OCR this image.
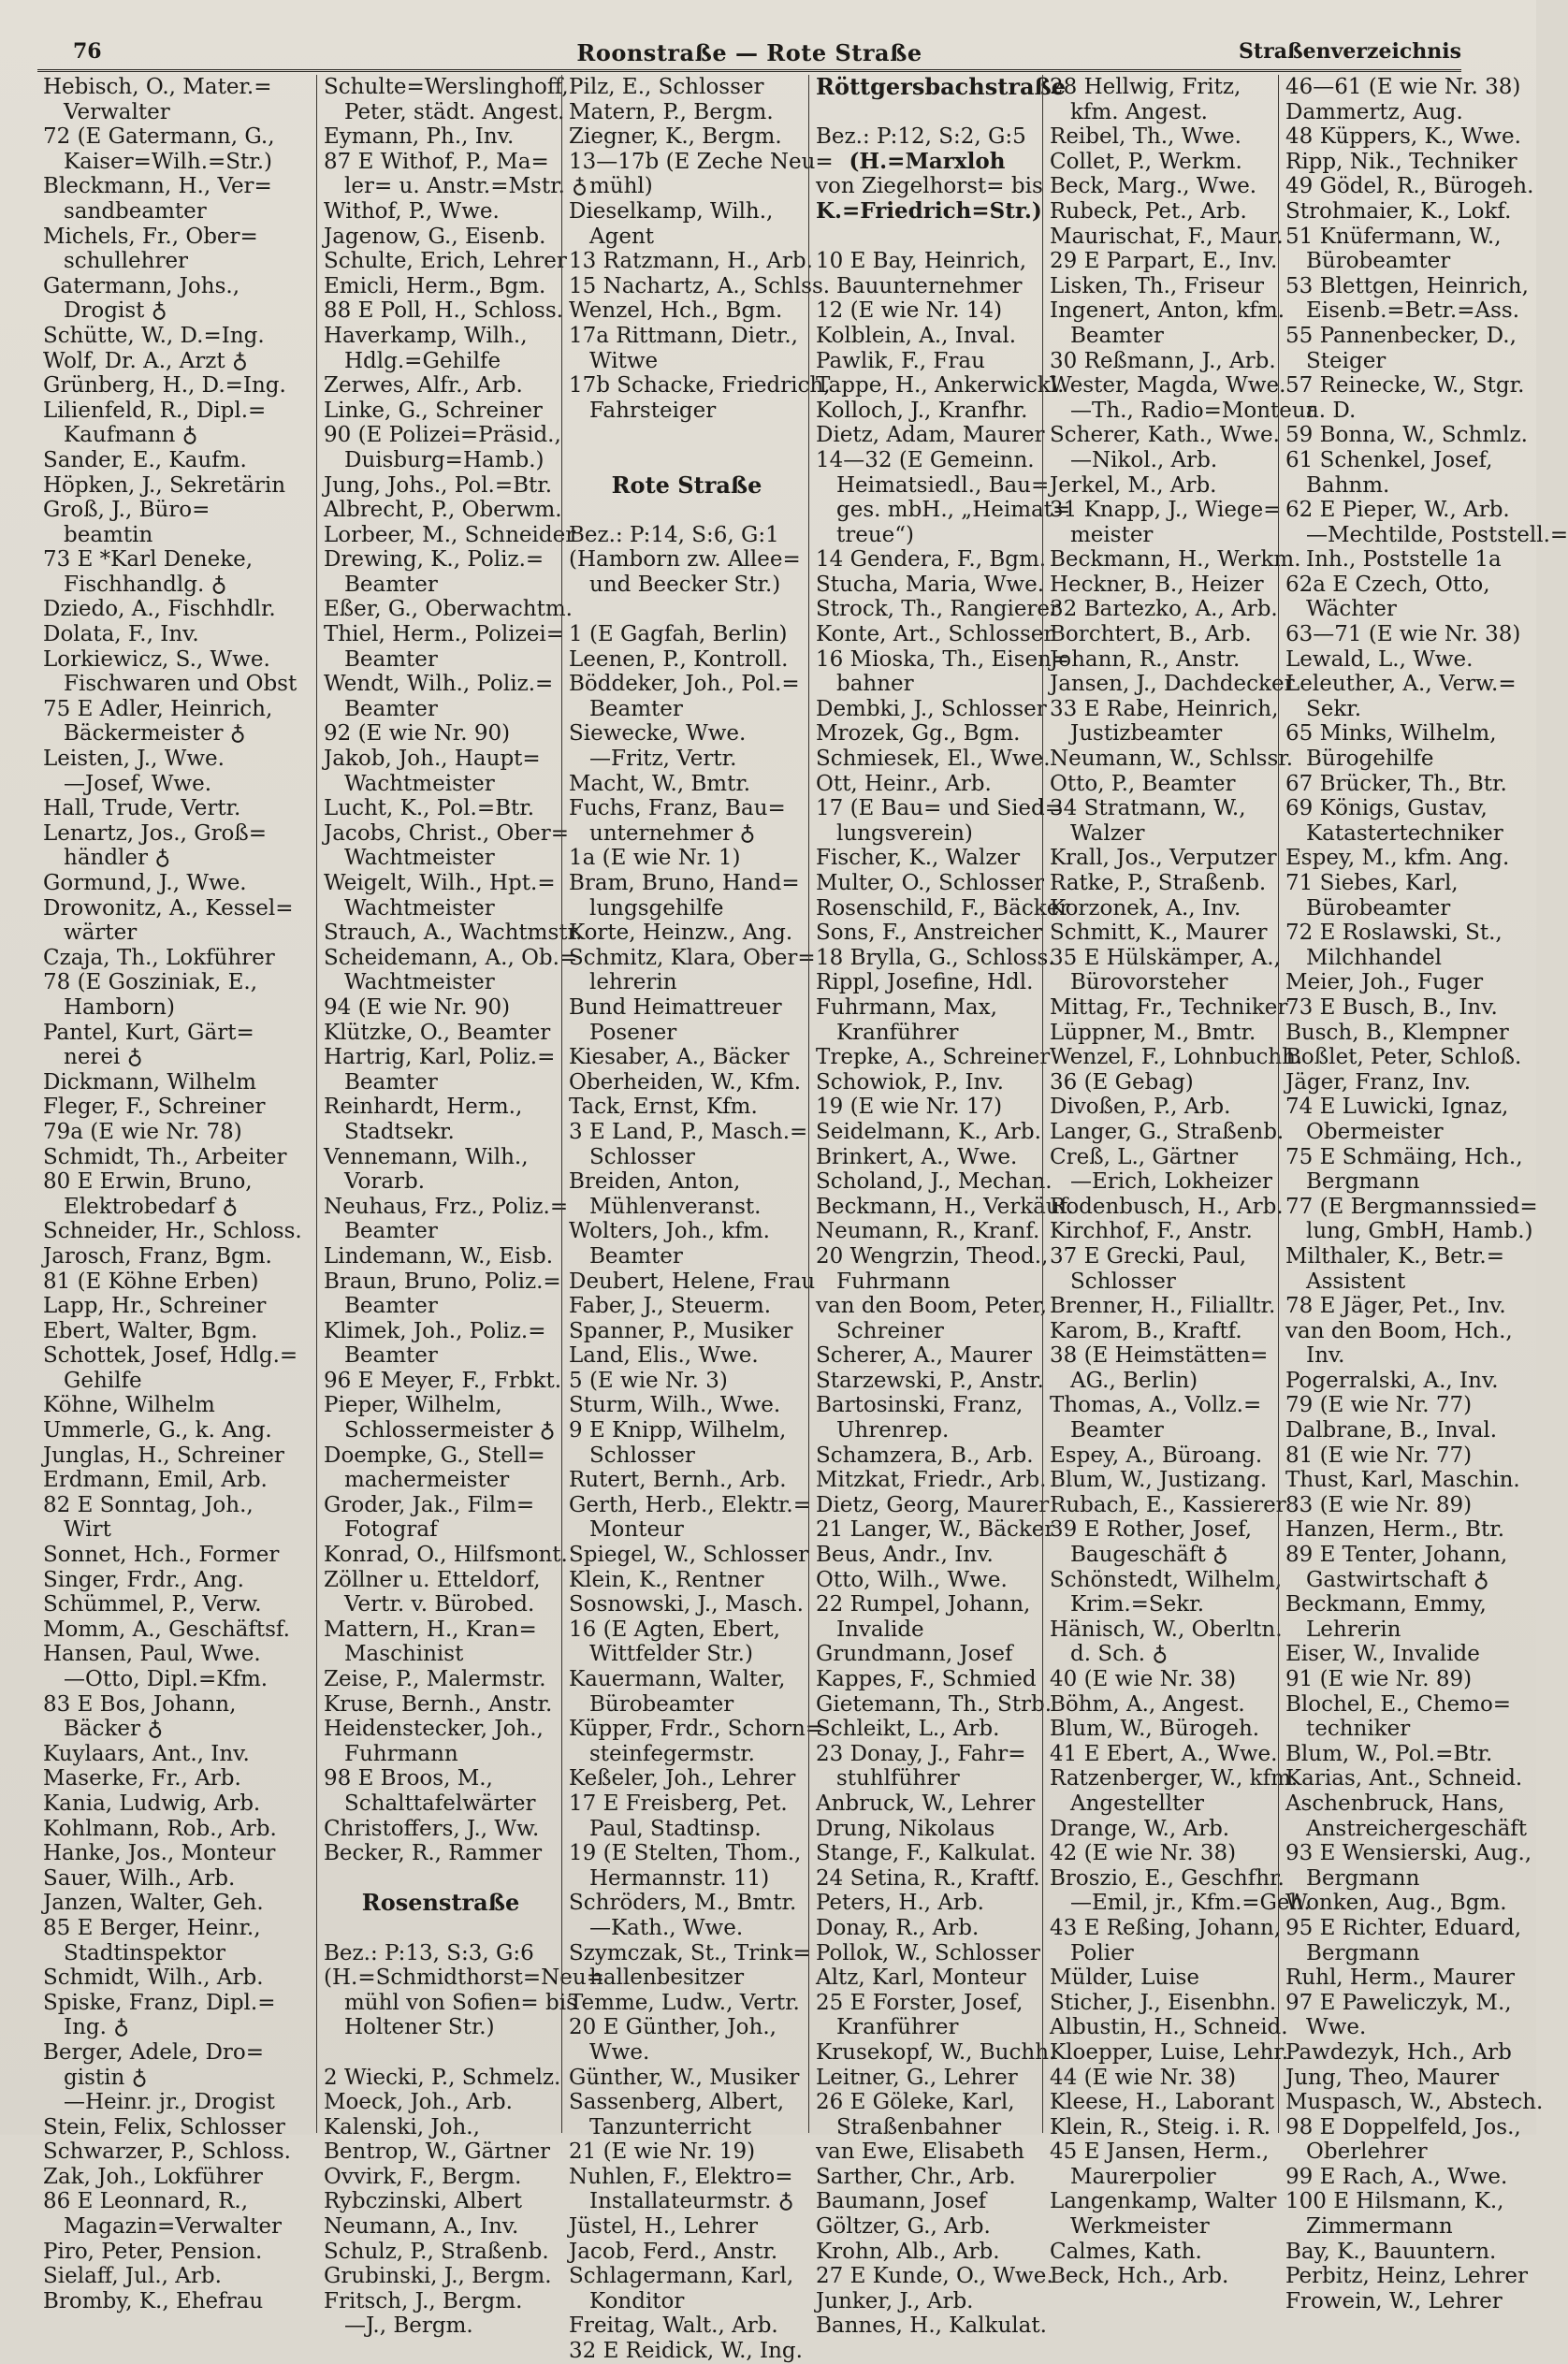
76	Roonstraße — Rote Straße	Straßenverzeichnis
Hebisch, O., Mater.=
Verwalter
72 (E Gatermann, G.,
Kaiser=Wilh.=Str.)
Bleckmann, H., Ver=
sandbeamter
Michels, Fr., Ober=
schullehrer
Gatermann, Johs.,
Drogist ♁
Schütte, W., D.=Ing.
Wolf, Dr. A., Arzt ♁
Grünberg, H., D.=Ing.
Lilienfeld, R., Dipl.=
Kaufmann ♁
Sander, E., Kaufm.
Höpken, J., Sekretärin
Groß, J., Büro=
beamtin
73 E *Karl Deneke,
Fischhandlg. ♁
Dziedo, A., Fischhdlr.
Dolata, F., Inv.
Lorkiewicz, S., Wwe.
Fischwaren und Obst
75 E Adler, Heinrich,
Bäckermeister ♁
Leisten, J., Wwe.
—Josef, Wwe.
Hall, Trude, Vertr.
Lenartz, Jos., Groß=
händler ♁
Gormund, J., Wwe.
Drowonitz, A., Kessel=
wärter
Czaja, Th., Lokführer
78 (E Gosziniak, E.,
Hamborn)
Pantel, Kurt, Gärt=
nerei ♁
Dickmann, Wilhelm
Fleger, F., Schreiner
79a (E wie Nr. 78)
Schmidt, Th., Arbeiter
80 E Erwin, Bruno,
Elektrobedarf ♁
Schneider, Hr., Schloss.
Jarosch, Franz, Bgm.
81 (E Köhne Erben)
Lapp, Hr., Schreiner
Ebert, Walter, Bgm.
Schottek, Josef, Hdlg.=
Gehilfe
Köhne, Wilhelm
Ummerle, G., k. Ang.
Junglas, H., Schreiner
Erdmann, Emil, Arb.
82 E Sonntag, Joh.,
Wirt
Sonnet, Hch., Former
Singer, Frdr., Ang.
Schümmel, P., Verw.
Momm, A., Geschäftsf.
Hansen, Paul, Wwe.
—Otto, Dipl.=Kfm.
83 E Bos, Johann,
Bäcker ♁
Kuylaars, Ant., Inv.
Maserke, Fr., Arb.
Kania, Ludwig, Arb.
Kohlmann, Rob., Arb.
Hanke, Jos., Monteur
Sauer, Wilh., Arb.
Janzen, Walter, Geh.
85 E Berger, Heinr.,
Stadtinspektor
Schmidt, Wilh., Arb.
Spiske, Franz, Dipl.=
Ing. ♁
Berger, Adele, Dro=
gistin ♁
—Heinr. jr., Drogist
Stein, Felix, Schlosser
Schwarzer, P., Schloss.
Zak, Joh., Lokführer
86 E Leonnard, R.,
Magazin=Verwalter
Piro, Peter, Pension.
Sielaff, Jul., Arb.
Bromby, K., Ehefrau
Schulte=Werslinghoff,
Peter, städt. Angest.
Eymann, Ph., Inv.
87 E Withof, P., Ma=
ler= u. Anstr.=Mstr. ♁
Withof, P., Wwe.
Jagenow, G., Eisenb.
Schulte, Erich, Lehrer
Emicli, Herm., Bgm.
88 E Poll, H., Schloss.
Haverkamp, Wilh.,
Hdlg.=Gehilfe
Zerwes, Alfr., Arb.
Linke, G., Schreiner
90 (E Polizei=Präsid.,
Duisburg=Hamb.)
Jung, Johs., Pol.=Btr.
Albrecht, P., Oberwm.
Lorbeer, M., Schneider
Drewing, K., Poliz.=
Beamter
Eßer, G., Oberwachtm.
Thiel, Herm., Polizei=
Beamter
Wendt, Wilh., Poliz.=
Beamter
92 (E wie Nr. 90)
Jakob, Joh., Haupt=
Wachtmeister
Lucht, K., Pol.=Btr.
Jacobs, Christ., Ober=
Wachtmeister
Weigelt, Wilh., Hpt.=
Wachtmeister
Strauch, A., Wachtmstr.
Scheidemann, A., Ob.=
Wachtmeister
94 (E wie Nr. 90)
Klützke, O., Beamter
Hartrig, Karl, Poliz.=
Beamter
Reinhardt, Herm.,
Stadtsekr.
Vennemann, Wilh.,
Vorarb.
Neuhaus, Frz., Poliz.=
Beamter
Lindemann, W., Eisb.
Braun, Bruno, Poliz.=
Beamter
Klimek, Joh., Poliz.=
Beamter
96 E Meyer, F., Frbkt.
Pieper, Wilhelm,
Schlossermeister ♁
Doempke, G., Stell=
machermeister
Groder, Jak., Film=
Fotograf
Konrad, O., Hilfsmont.
Zöllner u. Etteldorf,
Vertr. v. Bürobed.
Mattern, H., Kran=
Maschinist
Zeise, P., Malermstr.
Kruse, Bernh., Anstr.
Heidenstecker, Joh.,
Fuhrmann
98 E Broos, M.,
Schalttafelwärter
Christoffers, J., Ww.
Becker, R., Rammer
Rosenstraße
Bez.: P:13, S:3, G:6
(H.=Schmidthorst=Neu=
mühl von Sofien= bis
Holtener Str.)
2 Wiecki, P., Schmelz.
Moeck, Joh., Arb.
Kalenski, Joh.,
Bentrop, W., Gärtner
Ovvirk, F., Bergm.
Rybczinski, Albert
Neumann, A., Inv.
Schulz, P., Straßenb.
Grubinski, J., Bergm.
Fritsch, J., Bergm.
—J., Bergm.
Pilz, E., Schlosser
Matern, P., Bergm.
Ziegner, K., Bergm.
13—17b (E Zeche Neu=
mühl)
Dieselkamp, Wilh.,
Agent
13 Ratzmann, H., Arb.
15 Nachartz, A., Schlss.
Wenzel, Hch., Bgm.
17a Rittmann, Dietr.,
Witwe
17b Schacke, Friedrich,
Fahrsteiger
Rote Straße
Bez.: P:14, S:6, G:1
(Hamborn zw. Allee=
und Beecker Str.)
1 (E Gagfah, Berlin)
Leenen, P., Kontroll.
Böddeker, Joh., Pol.=
Beamter
Siewecke, Wwe.
—Fritz, Vertr.
Macht, W., Bmtr.
Fuchs, Franz, Bau=
unternehmer ♁
1a (E wie Nr. 1)
Bram, Bruno, Hand=
lungsgehilfe
Korte, Heinzw., Ang.
Schmitz, Klara, Ober=
lehrerin
Bund Heimattreuer
Posener
Kiesaber, A., Bäcker
Oberheiden, W., Kfm.
Tack, Ernst, Kfm.
3 E Land, P., Masch.=
Schlosser
Breiden, Anton,
Mühlenveranst.
Wolters, Joh., kfm.
Beamter
Deubert, Helene, Frau
Faber, J., Steuerm.
Spanner, P., Musiker
Land, Elis., Wwe.
5 (E wie Nr. 3)
Sturm, Wilh., Wwe.
9 E Knipp, Wilhelm,
Schlosser
Rutert, Bernh., Arb.
Gerth, Herb., Elektr.=
Monteur
Spiegel, W., Schlosser
Klein, K., Rentner
Sosnowski, J., Masch.
16 (E Agten, Ebert,
Wittfelder Str.)
Kauermann, Walter,
Bürobeamter
Küpper, Frdr., Schorn=
steinfegermstr.
Keßeler, Joh., Lehrer
17 E Freisberg, Pet.
Paul, Stadtinsp.
19 (E Stelten, Thom.,
Hermannstr. 11)
Schröders, M., Bmtr.
—Kath., Wwe.
Szymczak, St., Trink=
hallenbesitzer
Temme, Ludw., Vertr.
20 E Günther, Joh.,
Wwe.
Günther, W., Musiker
Sassenberg, Albert,
Tanzunterricht
21 (E wie Nr. 19)
Nuhlen, F., Elektro=
Installateurmstr. ♁
Jüstel, H., Lehrer
Jacob, Ferd., Anstr.
Schlagermann, Karl,
Konditor
Freitag, Walt., Arb.
32 E Reidick, W., Ing.
Röttgersbachstraße
Bez.: P:12, S:2, G:5
(H.=Marxloh
von Ziegelhorst= bis
K.=Friedrich=Str.)
10 E Bay, Heinrich,
Bauunternehmer
12 (E wie Nr. 14)
Kolblein, A., Inval.
Pawlik, F., Frau
Tappe, H., Ankerwickl.
Kolloch, J., Kranfhr.
Dietz, Adam, Maurer
14—32 (E Gemeinn.
Heimatsiedl., Bau=
ges. mbH., „Heimat=
treue“)
14 Gendera, F., Bgm.
Stucha, Maria, Wwe.
Strock, Th., Rangierer
Konte, Art., Schlosser
16 Mioska, Th., Eisen=
bahner
Dembki, J., Schlosser
Mrozek, Gg., Bgm.
Schmiesek, El., Wwe.
Ott, Heinr., Arb.
17 (E Bau= und Sied=
lungsverein)
Fischer, K., Walzer
Multer, O., Schlosser
Rosenschild, F., Bäcker
Sons, F., Anstreicher
18 Brylla, G., Schloss.
Rippl, Josefine, Hdl.
Fuhrmann, Max,
Kranführer
Trepke, A., Schreiner
Schowiok, P., Inv.
19 (E wie Nr. 17)
Seidelmann, K., Arb.
Brinkert, A., Wwe.
Scholand, J., Mechan.
Beckmann, H., Verkäuf.
Neumann, R., Kranf.
20 Wengrzin, Theod.,
Fuhrmann
van den Boom, Peter,
Schreiner
Scherer, A., Maurer
Starzewski, P., Anstr.
Bartosinski, Franz,
Uhrenrep.
Schamzera, B., Arb.
Mitzkat, Friedr., Arb.
Dietz, Georg, Maurer
21 Langer, W., Bäcker
Beus, Andr., Inv.
Otto, Wilh., Wwe.
22 Rumpel, Johann,
Invalide
Grundmann, Josef
Kappes, F., Schmied
Gietemann, Th., Strb.
Schleikt, L., Arb.
23 Donay, J., Fahr=
stuhlführer
Anbruck, W., Lehrer
Drung, Nikolaus
Stange, F., Kalkulat.
24 Setina, R., Kraftf.
Peters, H., Arb.
Donay, R., Arb.
Pollok, W., Schlosser
Altz, Karl, Monteur
25 E Forster, Josef,
Kranführer
Krusekopf, W., Buchh.
Leitner, G., Lehrer
26 E Göleke, Karl,
Straßenbahner
van Ewe, Elisabeth
Sarther, Chr., Arb.
Baumann, Josef
Göltzer, G., Arb.
Krohn, Alb., Arb.
27 E Kunde, O., Wwe.
Junker, J., Arb.
Bannes, H., Kalkulat.
28 Hellwig, Fritz,
kfm. Angest.
Reibel, Th., Wwe.
Collet, P., Werkm.
Beck, Marg., Wwe.
Rubeck, Pet., Arb.
Maurischat, F., Maur.
29 E Parpart, E., Inv.
Lisken, Th., Friseur
Ingenert, Anton, kfm.
Beamter
30 Reßmann, J., Arb.
Wester, Magda, Wwe.
—Th., Radio=Monteur
Scherer, Kath., Wwe.
—Nikol., Arb.
Jerkel, M., Arb.
31 Knapp, J., Wiege=
meister
Beckmann, H., Werkm.
Heckner, B., Heizer
32 Bartezko, A., Arb.
Borchtert, B., Arb.
Johann, R., Anstr.
Jansen, J., Dachdecker
33 E Rabe, Heinrich,
Justizbeamter
Neumann, W., Schlssr.
Otto, P., Beamter
34 Stratmann, W.,
Walzer
Krall, Jos., Verputzer
Ratke, P., Straßenb.
Korzonek, A., Inv.
Schmitt, K., Maurer
35 E Hülskämper, A.,
Bürovorsteher
Mittag, Fr., Techniker
Lüppner, M., Bmtr.
Wenzel, F., Lohnbuchh.
36 (E Gebag)
Divoßen, P., Arb.
Langer, G., Straßenb.
Creß, L., Gärtner
—Erich, Lokheizer
Rodenbusch, H., Arb.
Kirchhof, F., Anstr.
37 E Grecki, Paul,
Schlosser
Brenner, H., Filialltr.
Karom, B., Kraftf.
38 (E Heimstätten=
AG., Berlin)
Thomas, A., Vollz.=
Beamter
Espey, A., Büroang.
Blum, W., Justizang.
Rubach, E., Kassierer
39 E Rother, Josef,
Baugeschäft ♁
Schönstedt, Wilhelm,
Krim.=Sekr.
Hänisch, W., Oberltn.
d. Sch. ♁
40 (E wie Nr. 38)
Böhm, A., Angest.
Blum, W., Bürogeh.
41 E Ebert, A., Wwe.
Ratzenberger, W., kfm.
Angestellter
Drange, W., Arb.
42 (E wie Nr. 38)
Broszio, E., Geschfhr.
—Emil, jr., Kfm.=Geh.
43 E Reßing, Johann,
Polier
Mülder, Luise
Sticher, J., Eisenbhn.
Albustin, H., Schneid.
Kloepper, Luise, Lehr.
44 (E wie Nr. 38)
Kleese, H., Laborant
Klein, R., Steig. i. R.
45 E Jansen, Herm.,
Maurerpolier
Langenkamp, Walter
Werkmeister
Calmes, Kath.
Beck, Hch., Arb.
46—61 (E wie Nr. 38)
Dammertz, Aug.
48 Küppers, K., Wwe.
Ripp, Nik., Techniker
49 Gödel, R., Bürogeh.
Strohmaier, K., Lokf.
51 Knüfermann, W.,
Bürobeamter
53 Blettgen, Heinrich,
Eisenb.=Betr.=Ass.
55 Pannenbecker, D.,
Steiger
57 Reinecke, W., Stgr.
a. D.
59 Bonna, W., Schmlz.
61 Schenkel, Josef,
Bahnm.
62 E Pieper, W., Arb.
—Mechtilde, Poststell.=
Inh., Poststelle 1a
62a E Czech, Otto,
Wächter
63—71 (E wie Nr. 38)
Lewald, L., Wwe.
Leleuther, A., Verw.=
Sekr.
65 Minks, Wilhelm,
Bürogehilfe
67 Brücker, Th., Btr.
69 Königs, Gustav,
Katastertechniker
Espey, M., kfm. Ang.
71 Siebes, Karl,
Bürobeamter
72 E Roslawski, St.,
Milchhandel
Meier, Joh., Fuger
73 E Busch, B., Inv.
Busch, B., Klempner
Boßlet, Peter, Schloß.
Jäger, Franz, Inv.
74 E Luwicki, Ignaz,
Obermeister
75 E Schmäing, Hch.,
Bergmann
77 (E Bergmannssied=
lung, GmbH, Hamb.)
Milthaler, K., Betr.=
Assistent
78 E Jäger, Pet., Inv.
van den Boom, Hch.,
Inv.
Pogerralski, A., Inv.
79 (E wie Nr. 77)
Dalbrane, B., Inval.
81 (E wie Nr. 77)
Thust, Karl, Maschin.
83 (E wie Nr. 89)
Hanzen, Herm., Btr.
89 E Tenter, Johann,
Gastwirtschaft ♁
Beckmann, Emmy,
Lehrerin
Eiser, W., Invalide
91 (E wie Nr. 89)
Blochel, E., Chemo=
techniker
Blum, W., Pol.=Btr.
Karias, Ant., Schneid.
Aschenbruck, Hans,
Anstreichergeschäft
93 E Wensierski, Aug.,
Bergmann
Wonken, Aug., Bgm.
95 E Richter, Eduard,
Bergmann
Ruhl, Herm., Maurer
97 E Paweliczyk, M.,
Wwe.
Pawdezyk, Hch., Arb
Jung, Theo, Maurer
Muspasch, W., Abstech.
98 E Doppelfeld, Jos.,
Oberlehrer
99 E Rach, A., Wwe.
100 E Hilsmann, K.,
Zimmermann
Bay, K., Bauuntern.
Perbitz, Heinz, Lehrer
Frowein, W., Lehrer
